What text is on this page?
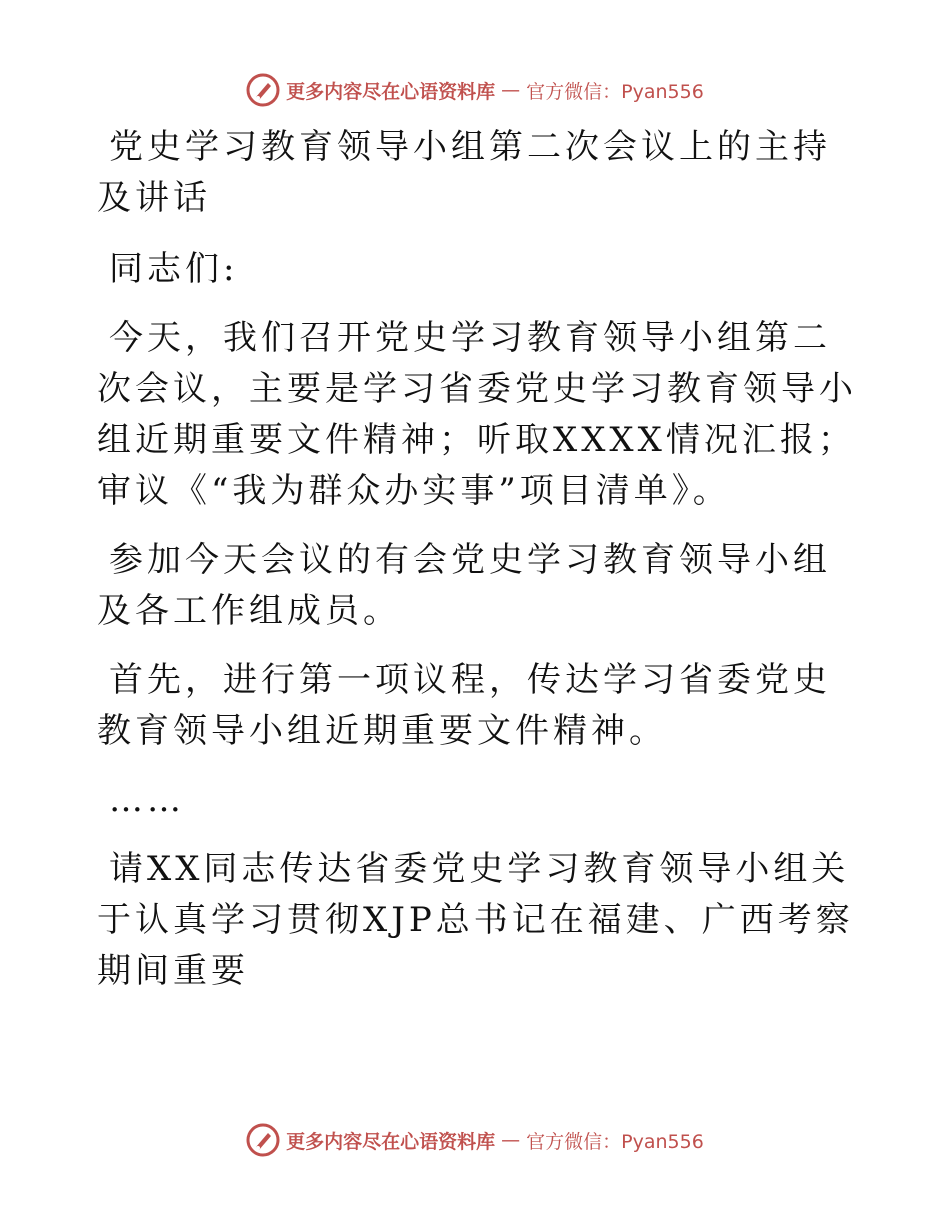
更多内容尽在心语资料库 — 官方微信：Pyan556

党史学习教育领导小组第二次会议上的主持及讲话

同志们:

今天，我们召开党史学习教育领导小组第二次会议，主要是学习省委党史学习教育领导小组近期重要文件精神；听取XXXX情况汇报；审议《“我为群众办实事”项目清单》。

参加今天会议的有会党史学习教育领导小组及各工作组成员。

首先，进行第一项议程，传达学习省委党史教育领导小组近期重要文件精神。

……

请XX同志传达省委党史学习教育领导小组关于认真学习贯彻XJP总书记在福建、广西考察期间重要

更多内容尽在心语资料库 — 官方微信：Pyan556
